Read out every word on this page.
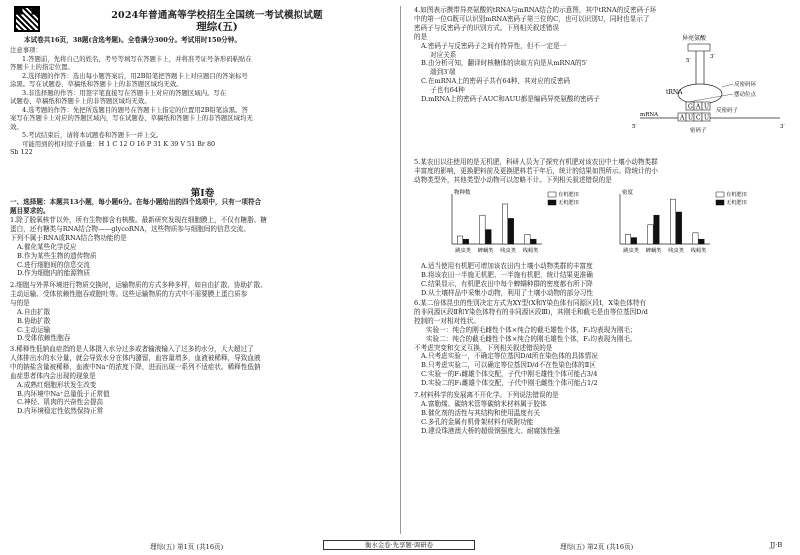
2024年普通高等学校招生全国统一考试模拟试题
理综(五)
本试卷共16页，38题(含选考题)。全卷满分300分。考试用时150分钟。

注意事项：

1.答题前，先将自己的姓名、考号等填写在答题卡上，并将准考证号条形码粘贴在

答题卡上的指定位置。

2.选择题的作答：选出每小题答案后，用2B铅笔把答题卡上对应题目的答案标号

涂黑。写在试题卷、草稿纸和答题卡上的非答题区域均无效。

3.非选择题的作答：用签字笔直接写在答题卡上对应的答题区域内。写在

试题卷、草稿纸和答题卡上的非答题区域均无效。

4.选考题的作答：先把所选题目的题号在答题卡上指定的位置用2B铅笔涂黑。答

案写在答题卡上对应的答题区域内，写在试题卷、草稿纸和答题卡上的非答题区域均无

效。

5.考试结束后，请将本试题卷和答题卡一并上交。

可能用到的相对原子质量：H 1 C 12 O 16 P 31 K 39 V 51 Br 80

Sb 122

第Ⅰ卷

一、选择题：本题共13小题，每小题6分。在每小题给出的四个选项中，只有一项符合

题目要求的。

1.除了脱氧核苷以外，所有生物都含有核酸。最新研究发现在细胞膜上，不仅有糖脂、糖

蛋白，还有糖类与RNA结合物——glycoRNA，这些物质参与细胞间的信息交流。

下列不属于RNA或RNA结合物功能的是

A.催化某些化学反应

B.作为某些生物的遗传物质

C.进行细胞间的信息交流

D.作为细胞内的能源物质

2.细胞与外界环境进行物质交换时，运输物质的方式多种多样，如自由扩散、协助扩散、

主动运输、受体依赖性胞吞或胞吐等。这些运输物质的方式中不需要膜上蛋白质参

与的是

A.自由扩散

B.协助扩散

C.主动运输

D.受体依赖性胞吞

3.稀释性低钠血症指的是人体摄入水分过多或者输液输入了过多的水分，大大超过了

人体排出水的水分量，就会导致水分在体内潴留，血容量增多，血液被稀释，导致血液

中的钠盐含量被稀释，血液中Na⁺的浓度下降，进而出现一系列不适症状。稀释性低钠

血症患者体内会出现的现象是

A.成熟红细胞形状发生改变

B.内环境中Na⁺总量低于正常值

C.神经、肌肉的兴奋性会提高

D.内环境稳定性依然保持正常

理综(五) 第1页 (共16页)	衡水金卷·先享题·调研卷	理综(五) 第2页 (共16页)	JJ·B

4.如图表示携带异亮氨酸的tRNA与mRNA结合的示意图，其中tRNA的反密码子环

中的第一位G既可以识别mRNA密码子第三位的C，也可以识别U，同时也显示了

密码子与反密码子的识别方式。下列相关叙述错误

的是

A.密码子与反密码子之间有特异性，但不一定是一

对应关系

B.由分析可知，翻译时核糖体的读取方向是从mRNA的5′

端到3′端

C.在mRNA上的密码子共有64种，其对应的反密码

子也有64种

D.mRNA上的密码子AUC和AUU都是编码异亮氨酸的密码子

异亮氨酸
3′
5′
tRNA
G A U
反密码环
摆动位点
反密码子
A U C U
mRNA
5′	3′
密码子

5.某农田以往使用的是无机肥，科研人员为了探究有机肥对该农田中土壤小动物类群

丰富度的影响，更换肥料前及更换肥料若干年后，统计的结果如图所示。除统计的小

动物类型外，其他类型小动物可以忽略不计。下列相关叙述错误的是

物种数
跳虫类 蜱螨类 线虫类 线蚓类
有机肥田
无机肥田
密度
跳虫类 蜱螨类 线虫类 线蚓类
有机肥田
无机肥田

A.适当使用有机肥可增加该农田内土壤小动物类群的丰富度

B.将该农田一半施无机肥、一半施有机肥，统计结果更准确

C.结果显示，有机肥农田中每个蜱螨种群的密度都有所下降

D.从土壤样品中采集小动物，利用了土壤小动物的部分习性

6.某二倍体昆虫的性别决定方式为XY型(X和Y染色体有同源区段Ⅰ，X染色体特有

的非同源区段Ⅱ和Y染色体特有的非同源区段Ⅲ)，其刚毛和截毛是由等位基因D/d

控制的一对相对性状。

实验一：纯合的刚毛雌性个体×纯合的截毛雄性个体，F₁均表现为刚毛；

实验二：纯合的截毛雌性个体×纯合的刚毛雄性个体，F₁均表现为刚毛。

不考虑突变和交叉互换，下列相关叙述错误的是

A.只考虑实验一，不确定等位基因D/d所在染色体的具体情况

B.只考虑实验二，可以确定等位基因D/d不在性染色体的Ⅱ区

C.实验一的F₁雌雄个体交配，子代中刚毛雄性个体可能占3/4

D.实验二的F₁雌雄个体交配，子代中刚毛雌性个体可能占1/2

7.材料科学的发展离不开化学。下列说法错误的是

A.富勒烯、碳纳米管等碳纳米材料属于胶体

B.催化剂的活性与其结构和使用温度有关

C.多孔的金属有机骨架材料有吸附功能

D.建设珠港澳大桥的超级钢强度大、耐腐蚀性强
